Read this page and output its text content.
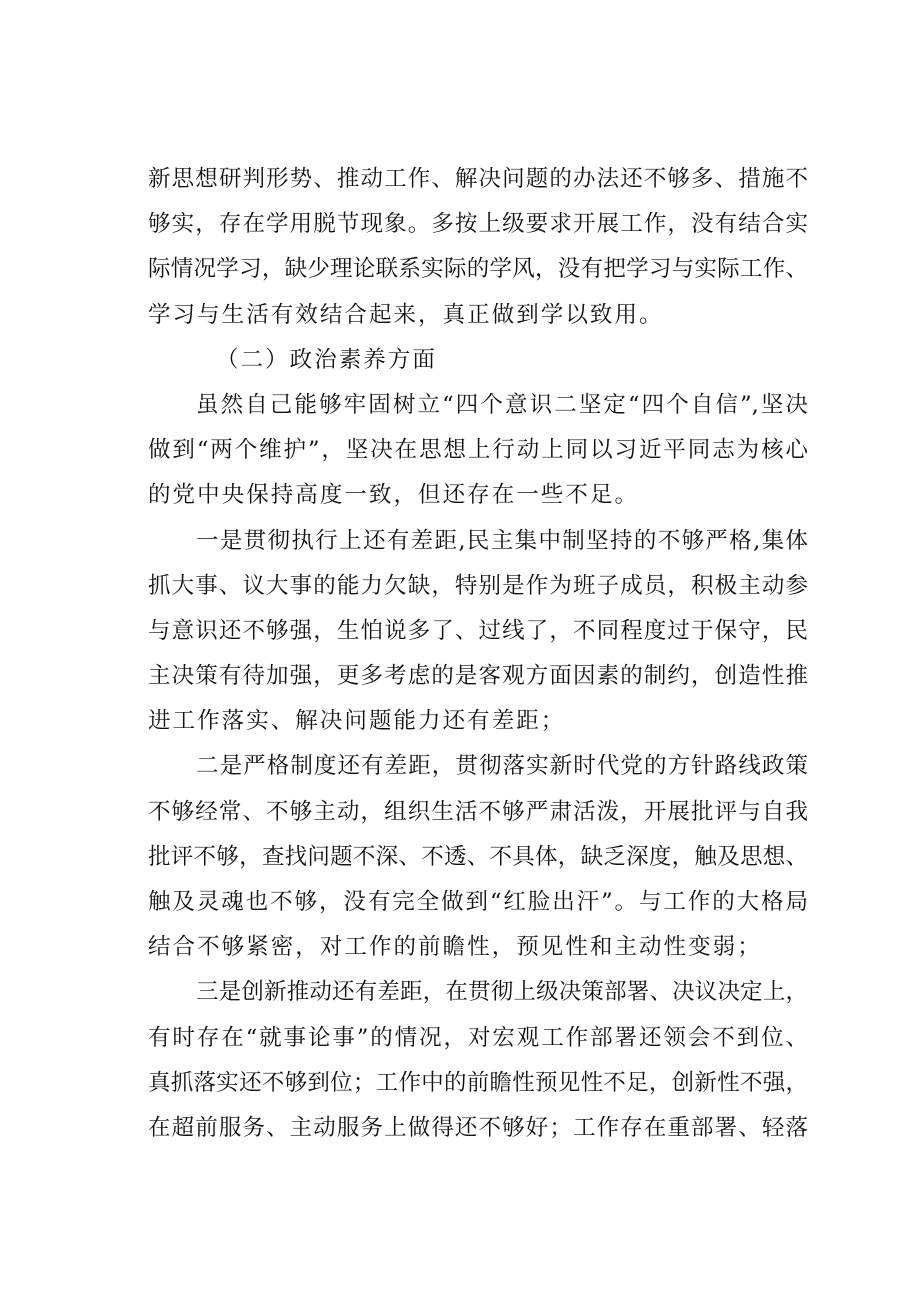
新思想研判形势、推动工作、解决问题的办法还不够多、措施不
够实，存在学用脱节现象。多按上级要求开展工作，没有结合实
际情况学习，缺少理论联系实际的学风，没有把学习与实际工作、
学习与生活有效结合起来，真正做到学以致用。
（二）政治素养方面
虽然自己能够牢固树立“四个意识二坚定“四个自信”,坚决
做到“两个维护”，坚决在思想上行动上同以习近平同志为核心
的党中央保持高度一致，但还存在一些不足。
一是贯彻执行上还有差距,民主集中制坚持的不够严格,集体
抓大事、议大事的能力欠缺，特别是作为班子成员，积极主动参
与意识还不够强，生怕说多了、过线了，不同程度过于保守，民
主决策有待加强，更多考虑的是客观方面因素的制约，创造性推
进工作落实、解决问题能力还有差距；
二是严格制度还有差距，贯彻落实新时代党的方针路线政策
不够经常、不够主动，组织生活不够严肃活泼，开展批评与自我
批评不够，查找问题不深、不透、不具体，缺乏深度，触及思想、
触及灵魂也不够，没有完全做到“红脸出汗”。与工作的大格局
结合不够紧密，对工作的前瞻性，预见性和主动性变弱；
三是创新推动还有差距，在贯彻上级决策部署、决议决定上，
有时存在“就事论事”的情况，对宏观工作部署还领会不到位、
真抓落实还不够到位；工作中的前瞻性预见性不足，创新性不强，
在超前服务、主动服务上做得还不够好；工作存在重部署、轻落
